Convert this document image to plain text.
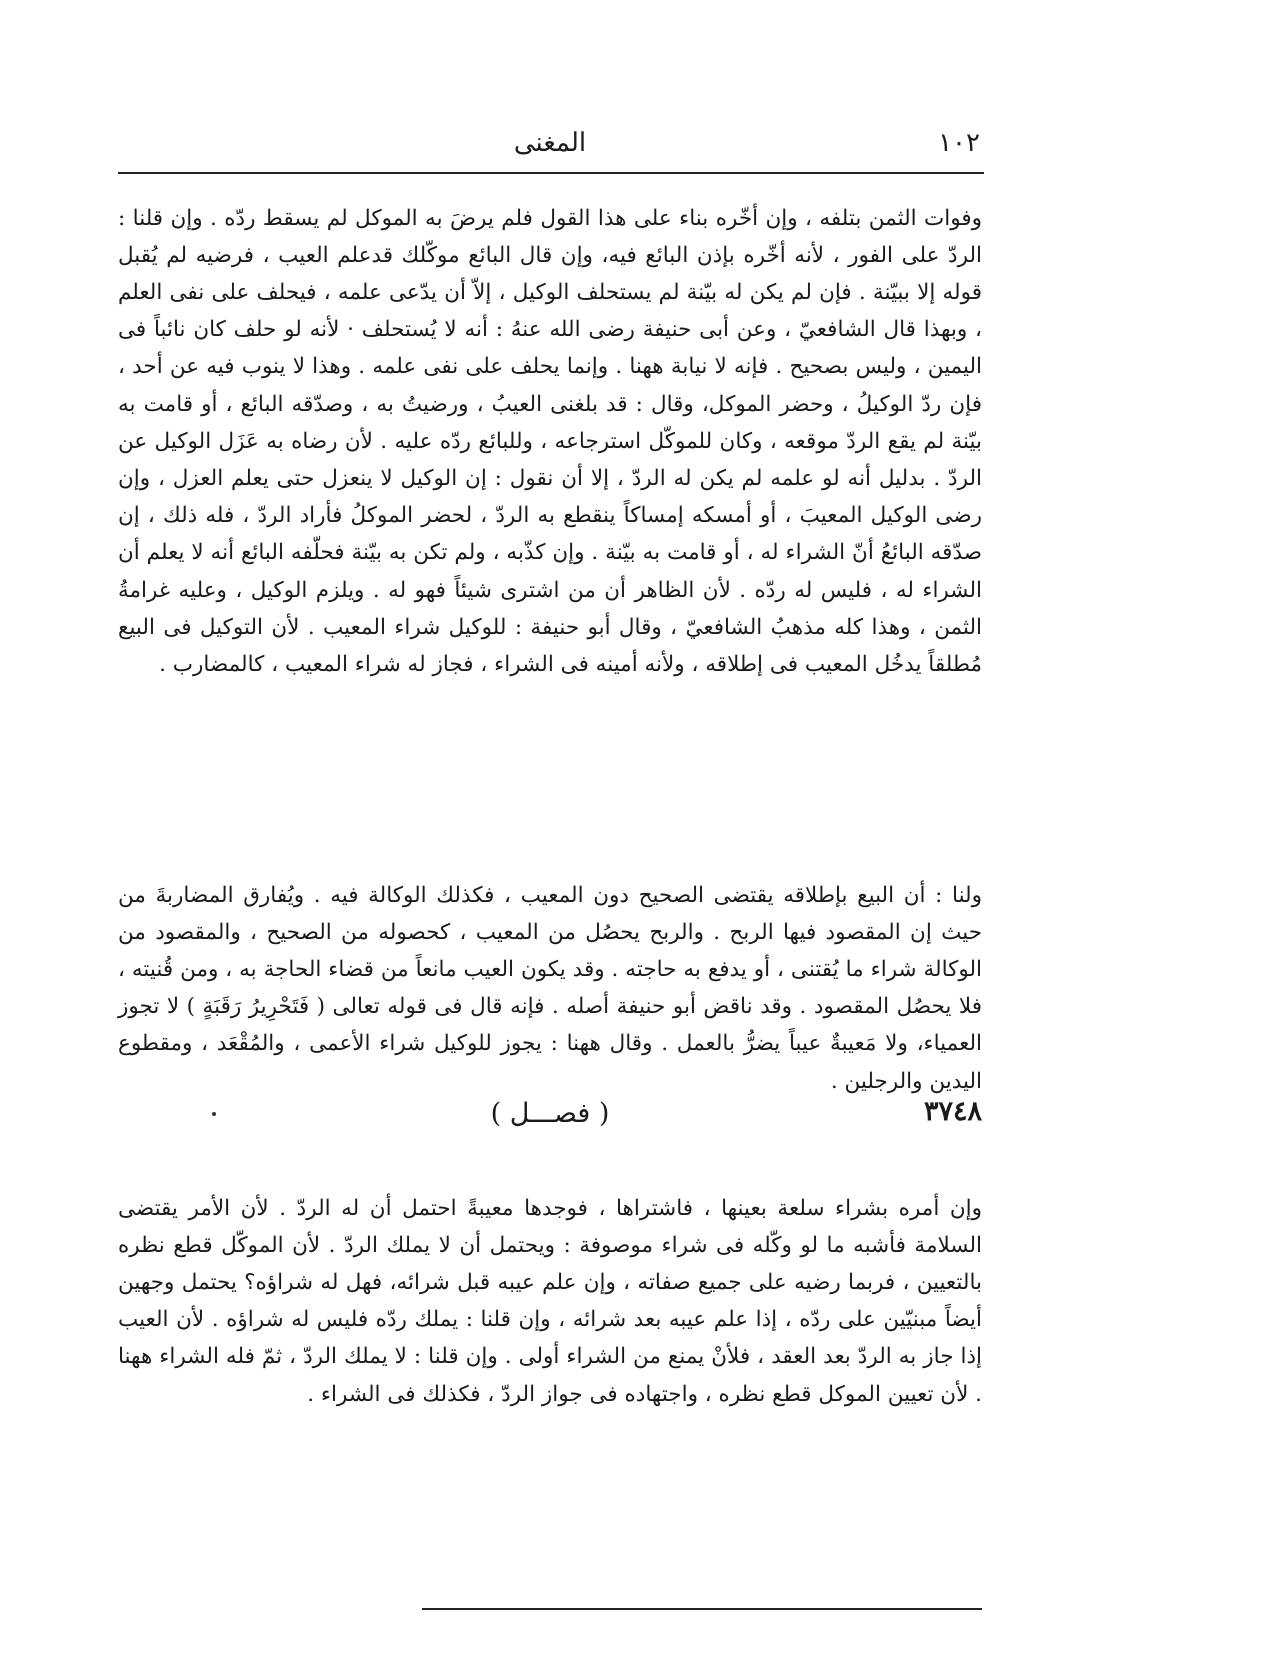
١٠٢
المغنى

وفوات الثمن بتلفه ، وإن أخّره بناء على هذا القول فلم يرضَ به الموكل لم يسقط ردّه . وإن قلنا : الردّ على الفور ، لأنه أخّره بإذن البائع فيه، وإن قال البائع موكّلك قدعلم العيب ، فرضيه لم يُقبل قوله إلا ببيّنة . فإن لم يكن له بيّنة لم يستحلف الوكيل ، إلاّ أن يدّعى علمه ، فيحلف على نفى العلم ، وبهذا قال الشافعيّ ، وعن أبى حنيفة رضى الله عنهُ : أنه لا يُستحلف · لأنه لو حلف كان نائباً فى اليمين ، وليس بصحيح . فإنه لا نيابة ههنا . وإنما يحلف على نفى علمه . وهذا لا ينوب فيه عن أحد ، فإن ردّ الوكيلُ ، وحضر الموكل، وقال : قد بلغنى العيبُ ، ورضيتُ به ، وصدّقه البائع ، أو قامت به بيّنة لم يقع الردّ موقعه ، وكان للموكّل استرجاعه ، وللبائع ردّه عليه . لأن رضاه به عَزَل الوكيل عن الردّ . بدليل أنه لو علمه لم يكن له الردّ ، إلا أن نقول : إن الوكيل لا ينعزل حتى يعلم العزل ، وإن رضى الوكيل المعيبَ ، أو أمسكه إمساكاً ينقطع به الردّ ، لحضر الموكلُ فأراد الردّ ، فله ذلك ، إن صدّقه البائعُ أنّ الشراء له ، أو قامت به بيّنة . وإن كذّبه ، ولم تكن به بيّنة فحلّفه البائع أنه لا يعلم أن الشراء له ، فليس له ردّه . لأن الظاهر أن من اشترى شيئاً فهو له . ويلزم الوكيل ، وعليه غرامةُ الثمن ، وهذا كله مذهبُ الشافعيّ ، وقال أبو حنيفة : للوكيل شراء المعيب . لأن التوكيل فى البيع مُطلقاً يدخُل المعيب فى إطلاقه ، ولأنه أمينه فى الشراء ، فجاز له شراء المعيب ، كالمضارب .

ولنا : أن البيع بإطلاقه يقتضى الصحيح دون المعيب ، فكذلك الوكالة فيه . ويُفارق المضاربةَ من حيث إن المقصود فيها الربح . والربح يحصُل من المعيب ، كحصوله من الصحيح ، والمقصود من الوكالة شراء ما يُقتنى ، أو يدفع به حاجته . وقد يكون العيب مانعاً من قضاء الحاجة به ، ومن قُنيته ، فلا يحصُل المقصود . وقد ناقض أبو حنيفة أصله . فإنه قال فى قوله تعالى ( فَتَحْرِيرُ رَقَبَةٍ ) لا تجوز العمياء، ولا مَعيبةٌ عيباً يضرُّ بالعمل . وقال ههنا : يجوز للوكيل شراء الأعمى ، والمُقْعَد ، ومقطوع اليدين والرجلين .

٣٧٤٨
( فصـــل )

وإن أمره بشراء سلعة بعينها ، فاشتراها ، فوجدها معيبةً احتمل أن له الردّ . لأن الأمر يقتضى السلامة فأشبه ما لو وكّله فى شراء موصوفة : ويحتمل أن لا يملك الردّ . لأن الموكّل قطع نظره بالتعيين ، فربما رضيه على جميع صفاته ، وإن علم عيبه قبل شرائه، فهل له شراؤه؟ يحتمل وجهين أيضاً مبنيّين على ردّه ، إذا علم عيبه بعد شرائه ، وإن قلنا : يملك ردّه فليس له شراؤه . لأن العيب إذا جاز به الردّ بعد العقد ، فلأنْ يمنع من الشراء أولى . وإن قلنا : لا يملك الردّ ، ثمّ فله الشراء ههنا . لأن تعيين الموكل قطع نظره ، واجتهاده فى جواز الردّ ، فكذلك فى الشراء .
